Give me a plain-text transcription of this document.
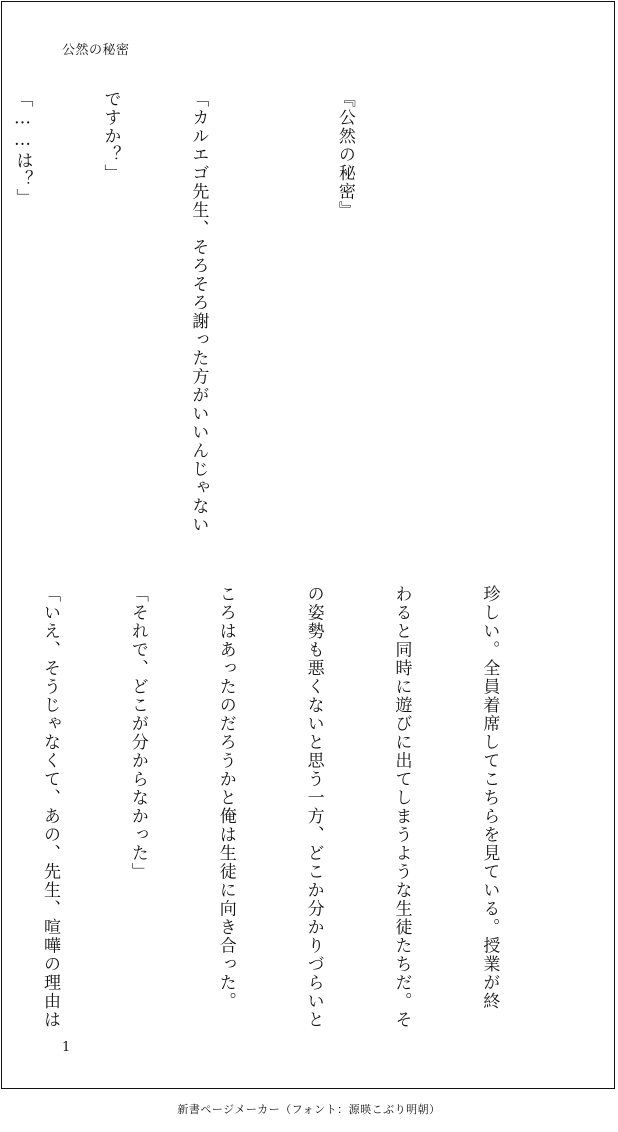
公然の秘密

『公然の秘密』

「カルエゴ先生、そろそろ謝った方がいいんじゃない

ですか？」

「……は？」

珍しい。全員着席してこちらを見ている。授業が終

わると同時に遊びに出てしまうような生徒たちだ。そ

の姿勢も悪くないと思う一方、どこか分かりづらいと

ころはあったのだろうかと俺は生徒に向き合った。

「それで、どこが分からなかった」

「いえ、そうじゃなくて、あの、先生、喧嘩の理由は

1
新書ページメーカー（フォント：源暎こぶり明朝）
